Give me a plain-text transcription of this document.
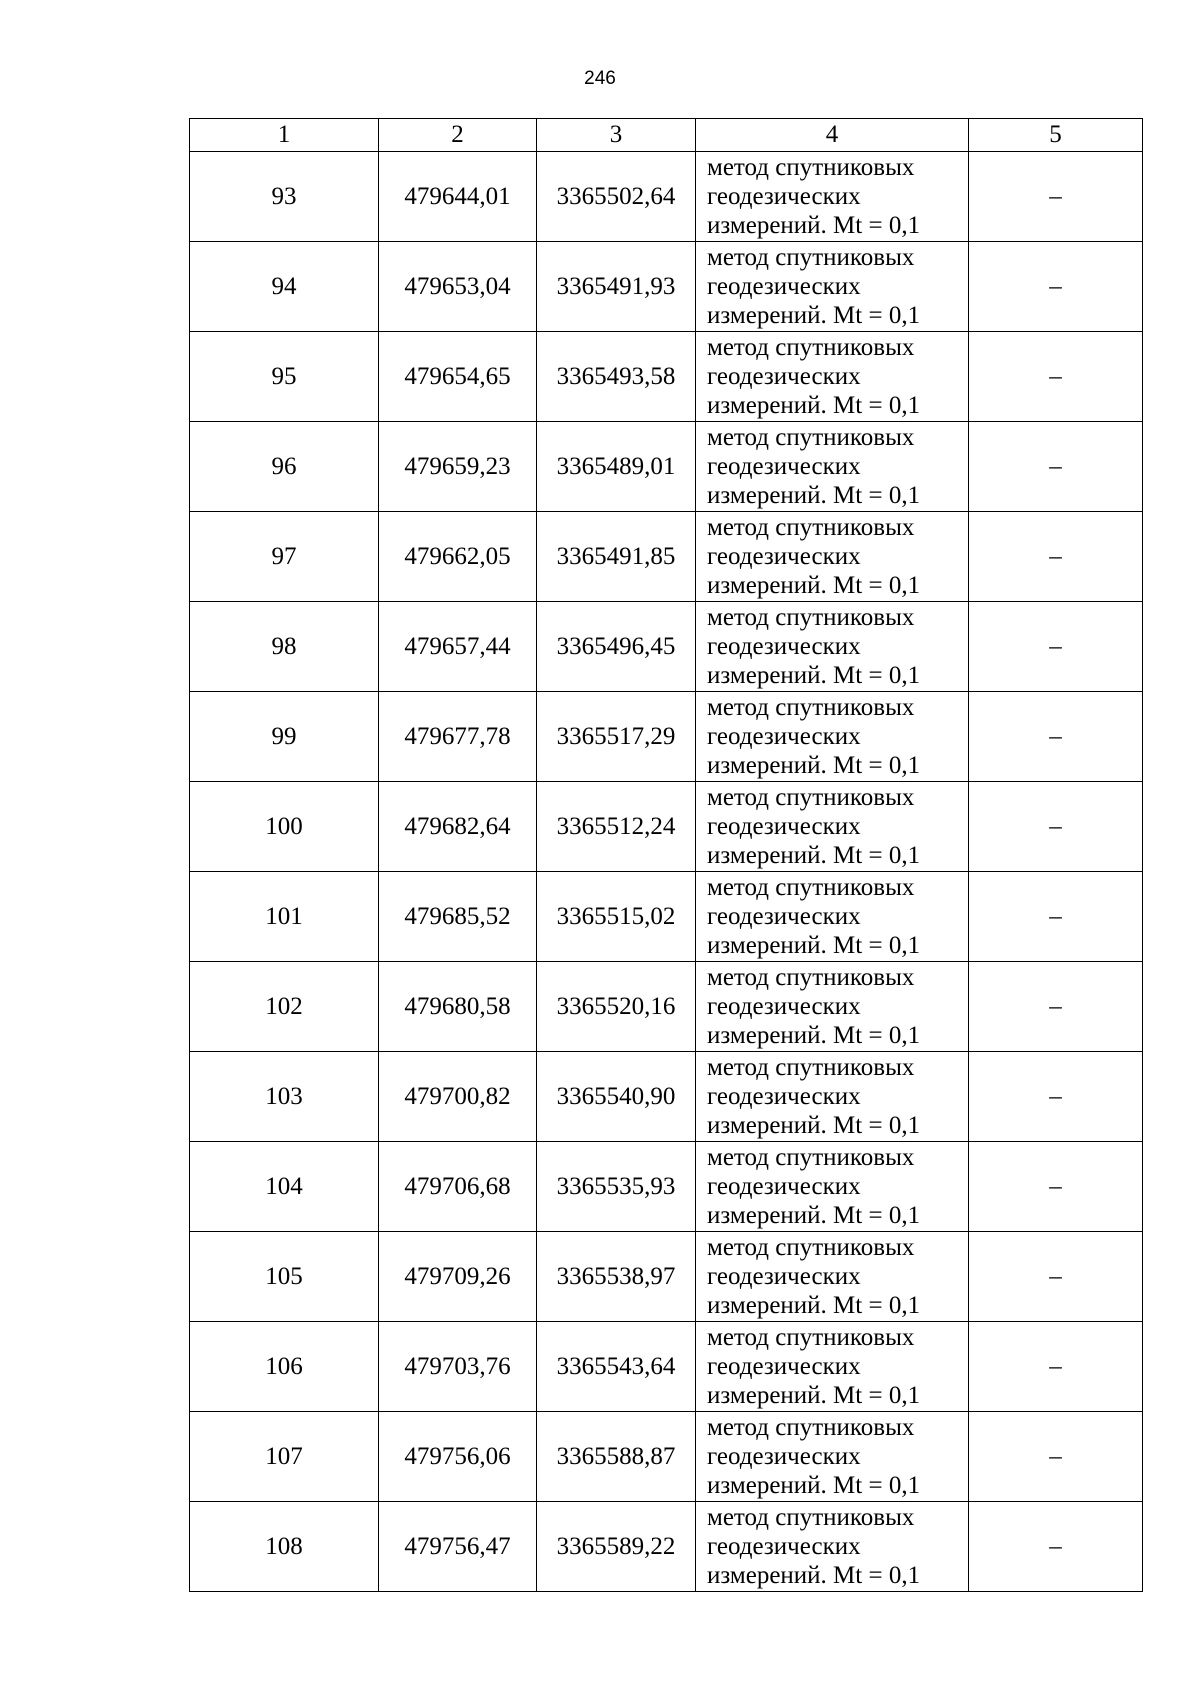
246
1	2	3	4	5
93	479644,01	3365502,64	метод спутниковых
геодезических
измерений. Mt = 0,1	–
94	479653,04	3365491,93	метод спутниковых
геодезических
измерений. Mt = 0,1	–
95	479654,65	3365493,58	метод спутниковых
геодезических
измерений. Mt = 0,1	–
96	479659,23	3365489,01	метод спутниковых
геодезических
измерений. Mt = 0,1	–
97	479662,05	3365491,85	метод спутниковых
геодезических
измерений. Mt = 0,1	–
98	479657,44	3365496,45	метод спутниковых
геодезических
измерений. Mt = 0,1	–
99	479677,78	3365517,29	метод спутниковых
геодезических
измерений. Mt = 0,1	–
100	479682,64	3365512,24	метод спутниковых
геодезических
измерений. Mt = 0,1	–
101	479685,52	3365515,02	метод спутниковых
геодезических
измерений. Mt = 0,1	–
102	479680,58	3365520,16	метод спутниковых
геодезических
измерений. Mt = 0,1	–
103	479700,82	3365540,90	метод спутниковых
геодезических
измерений. Mt = 0,1	–
104	479706,68	3365535,93	метод спутниковых
геодезических
измерений. Mt = 0,1	–
105	479709,26	3365538,97	метод спутниковых
геодезических
измерений. Mt = 0,1	–
106	479703,76	3365543,64	метод спутниковых
геодезических
измерений. Mt = 0,1	–
107	479756,06	3365588,87	метод спутниковых
геодезических
измерений. Mt = 0,1	–
108	479756,47	3365589,22	метод спутниковых
геодезических
измерений. Mt = 0,1	–
